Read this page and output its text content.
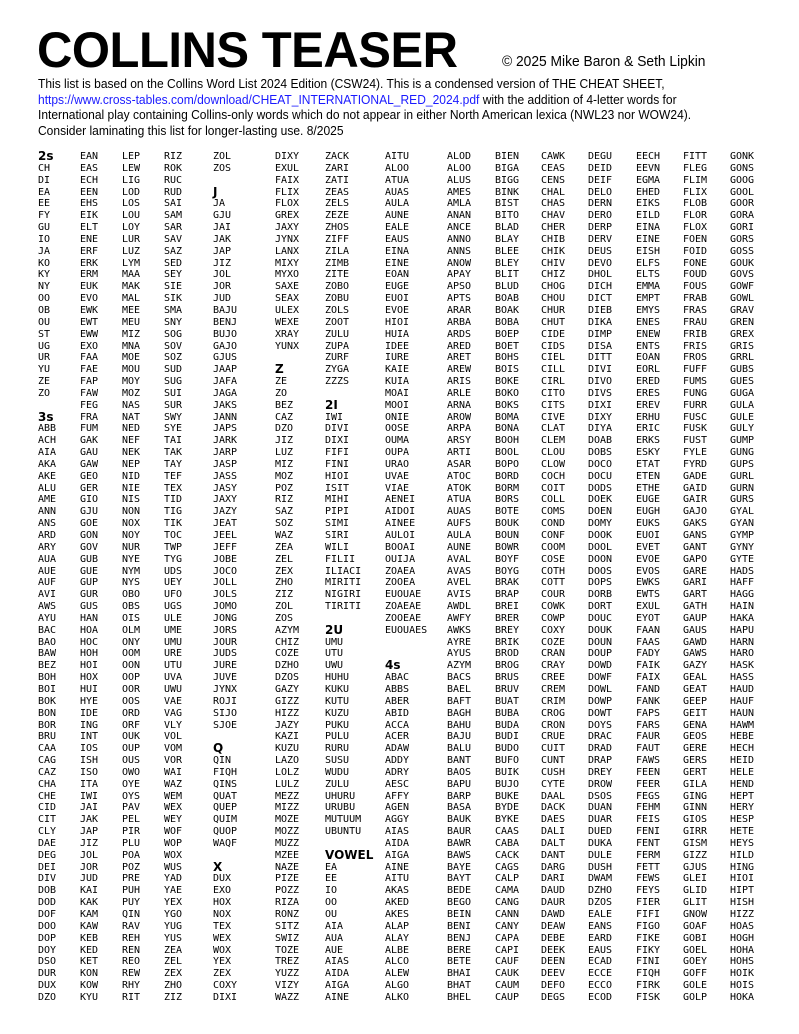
COLLINS TEASER	© 2025 Mike Baron & Seth Lipkin
This list is based on the Collins Word List 2024 Edition (CSW24). This is a condensed version of THE CHEAT SHEET,
https://www.cross-tables.com/download/CHEAT_INTERNATIONAL_RED_2024.pdf with the addition of 4-letter words for
International play containing Collins-only words which do not appear in either North American lexica (NWL23 nor WOW24).
Consider laminating this list for longer-lasting use. 8/2025
2s
CH
DI
EA
EE
FY
GU
IO
JA
KO
KY
NY
OO
OB
OU
ST
UG
UR
YU
ZE
ZO
3s
ABB
ACH
AIA
AKA
AKE
ALU
AME
ANN
ANS
ARD
ARY
AUA
AUE
AUF
AVI
AWS
AYU
BAC
BAO
BAW
BEZ
BOH
BOI
BOK
BON
BOR
BRU
CAA
CAG
CAZ
CHA
CHE
CID
CIT
CLY
DAE
DEG
DEI
DIV
DOB
DOD
DOF
DOO
DOP
DOY
DSO
DUR
DUX
DZO
EAN
EAS
ECH
EEN
EHS
EIK
ELT
ENE
ERF
ERK
ERM
EUK
EVO
EWK
EWT
EWW
EXO
FAA
FAE
FAP
FAW
FEG
FRA
FUM
GAK
GAU
GAW
GEO
GER
GIO
GJU
GOE
GON
GOV
GUB
GUE
GUP
GUR
GUS
HAN
HOA
HOC
HOH
HOI
HOX
HUI
HYE
IDE
ING
INT
IOS
ISH
ISO
ITA
IWI
JAI
JAK
JAP
JIZ
JOL
JOR
JUD
KAI
KAK
KAM
KAW
KEB
KED
KET
KON
KOW
KYU
LEP
LEW
LIG
LOD
LOS
LOU
LOY
LUR
LUZ
LYM
MAA
MAK
MAL
MEE
MEU
MIZ
MNA
MOE
MOU
MOY
MOZ
NAS
NAT
NED
NEF
NEK
NEP
NID
NIE
NIS
NON
NOX
NOY
NUR
NYE
NYM
NYS
OBO
OBS
OIS
OLM
ONY
OOM
OON
OOP
OOR
OOS
ORD
ORF
OUK
OUP
OUS
OWO
OYE
OYS
PAV
PEL
PIR
PLU
POA
POZ
PRE
PUH
PUY
QIN
RAV
REH
REN
REO
REW
RHY
RIT
RIZ
ROK
RUC
RUD
SAI
SAM
SAR
SAV
SAZ
SED
SEY
SIE
SIK
SMA
SNY
SOG
SOV
SOZ
SUD
SUG
SUI
SUR
SWY
SYE
TAI
TAK
TAY
TEF
TEX
TID
TIG
TIK
TOC
TWP
TYG
UDS
UEY
UFO
UGS
ULE
UME
UMU
URE
UTU
UVA
UWU
VAE
VAG
VLY
VOL
VOM
VOR
WAI
WAZ
WEM
WEX
WEY
WOF
WOP
WOX
WUS
YAD
YAE
YEX
YGO
YUG
YUS
ZEA
ZEL
ZEX
ZHO
ZIZ
ZOL
ZOS
J
JA
GJU
JAI
JAK
JAP
JIZ
JOL
JOR
JUD
BAJU
BENJ
BUJO
GAJO
GJUS
JAAP
JAFA
JAGA
JAKS
JANN
JAPS
JARK
JARP
JASP
JASS
JASY
JAXY
JAZY
JEAT
JEEL
JEFF
JOBE
JOCO
JOLL
JOLS
JOMO
JONG
JORS
JOUR
JUDS
JURE
JUVE
JYNX
ROJI
SIJO
SJOE
Q
QIN
FIQH
QINS
QUAT
QUEP
QUIM
QUOP
WAQF
X
DUX
EXO
HOX
NOX
TEX
WEX
WOX
YEX
ZEX
COXY
DIXI
DIXY
EXUL
FAIX
FLIX
FLOX
GREX
JAXY
JYNX
LANX
MIXY
MYXO
SAXE
SEAX
ULEX
WEXE
XRAY
YUNX
Z
ZE
ZO
BEZ
CAZ
DZO
JIZ
LUZ
MIZ
MOZ
POZ
RIZ
SAZ
SOZ
WAZ
ZEA
ZEL
ZEX
ZHO
ZIZ
ZOL
ZOS
AZYM
CHIZ
COZE
DZHO
DZOS
GAZY
GIZZ
HIZZ
JAZY
KAZI
KUZU
LAZO
LOLZ
LULZ
MEZZ
MIZZ
MOZE
MOZZ
MUZZ
MZEE
NAZE
PIZE
POZZ
RIZA
RONZ
SITZ
SWIZ
TOZE
TREZ
YUZZ
VIZY
WAZZ
ZACK
ZARI
ZATI
ZEAS
ZELS
ZEZE
ZHOS
ZIFF
ZILA
ZIMB
ZITE
ZOBO
ZOBU
ZOLS
ZOOT
ZULU
ZUPA
ZURF
ZYGA
ZZZS
2I
IWI
DIVI
DIXI
FIFI
FINI
HIOI
ISIT
MIHI
PIPI
SIMI
SIRI
WILI
FILII
ILIACI
MIRITI
NIGIRI
TIRITI
2U
UMU
UTU
UWU
HUHU
KUKU
KUTU
KUZU
PUKU
PULU
RURU
SUSU
WUDU
ZULU
UHURU
URUBU
MUTUUM
UBUNTU
VOWEL
EA
EE
IO
OO
OU
AIA
AUA
AUE
AIAS
AIDA
AIGA
AINE
AITU
ALOO
ATUA
AUAS
AULA
AUNE
EALE
EAUS
EINA
EINE
EOAN
EUGE
EUOI
EVOE
HIOI
HUIA
IDEE
IURE
KAIE
KUIA
MOAI
MOOI
ONIE
OOSE
OUMA
OUPA
URAO
UVAE
VIAE
AENEI
AIDOI
AINEE
AULOI
BOOAI
OUIJA
ZOAEA
ZOOEA
EUOUAE
ZOAEAE
ZOOEAE
EUOUAES
4s
ABAC
ABBS
ABER
ABID
ACCA
ACER
ADAW
ADDY
ADRY
AESC
AFFY
AGEN
AGGY
AIAS
AIDA
AIGA
AINE
AITU
AKAS
AKED
AKES
ALAP
ALAY
ALBE
ALCO
ALEW
ALGO
ALKO
ALOD
ALOO
ALUS
AMES
AMLA
ANAN
ANCE
ANNO
ANNS
ANOW
APAY
APSO
APTS
ARAR
ARBA
ARDS
ARED
ARET
AREW
ARIS
ARLE
ARNA
AROW
ARPA
ARSY
ARTI
ASAR
ATOC
ATOK
ATUA
AUAS
AUFS
AULA
AUNE
AVAL
AVAS
AVEL
AVIS
AWDL
AWFY
AWKS
AYRE
AYUS
AZYM
BACS
BAEL
BAFT
BAGH
BAHU
BAJU
BALU
BANT
BAOS
BAPU
BARP
BASA
BAUK
BAUR
BAWR
BAWS
BAYE
BAYT
BEDE
BEGO
BEIN
BENI
BENJ
BERE
BETE
BHAI
BHAT
BHEL
BIEN
BIGA
BIGG
BINK
BIST
BITO
BLAD
BLAY
BLEE
BLEY
BLIT
BLUD
BOAB
BOAK
BOBA
BOEP
BOET
BOHS
BOIS
BOKE
BOKO
BOKS
BOMA
BONA
BOOH
BOOL
BOPO
BORD
BORM
BORS
BOTE
BOUK
BOUN
BOWR
BOYF
BOYG
BRAK
BRAP
BREI
BRER
BREY
BRIK
BROD
BROG
BRUS
BRUV
BUAT
BUBA
BUDA
BUDI
BUDO
BUFO
BUIK
BUJO
BUKE
BYDE
BYKE
CAAS
CABA
CACK
CAGS
CALP
CAMA
CANG
CANN
CANY
CAPA
CAPI
CAUF
CAUK
CAUM
CAUP
CAWK
CEAS
CENS
CHAL
CHAS
CHAV
CHER
CHIB
CHIK
CHIV
CHIZ
CHOG
CHOU
CHUR
CHUT
CIDE
CIDS
CIEL
CILL
CIRL
CITO
CITS
CIVE
CLAT
CLEM
CLOU
CLOW
COCH
COIT
COLL
COMS
COND
CONF
COOM
COSE
COTH
COTT
COUR
COWK
COWP
COXY
COZE
CRAN
CRAY
CREE
CREM
CRIM
CROG
CRON
CRUE
CUIT
CUNT
CUSH
CYTE
DAAL
DACK
DAES
DALI
DALT
DANT
DARG
DARI
DAUD
DAUR
DAWD
DEAW
DEBE
DEEK
DEEN
DEEV
DEFO
DEGS
DEGU
DEID
DEIF
DELO
DERN
DERO
DERP
DERV
DEUS
DEVO
DHOL
DICH
DICT
DIEB
DIKA
DIMP
DISA
DITT
DIVI
DIVO
DIVS
DIXI
DIXY
DIYA
DOAB
DOBS
DOCO
DOCU
DODS
DOEK
DOEN
DOMY
DOOK
DOOL
DOON
DOOS
DOPS
DORB
DORT
DOUC
DOUK
DOUN
DOUP
DOWD
DOWF
DOWL
DOWP
DOWT
DOYS
DRAC
DRAD
DRAP
DREY
DROW
DSOS
DUAN
DUAR
DUED
DUKA
DULE
DUSH
DWAM
DZHO
DZOS
EALE
EANS
EARD
EAUS
ECAD
ECCE
ECCO
ECOD
EECH
EEVN
EGMA
EHED
EIKS
EILD
EINA
EINE
EISH
ELFS
ELTS
EMMA
EMPT
EMYS
ENES
ENEW
ENTS
EOAN
EORL
ERED
ERES
EREV
ERHU
ERIC
ERKS
ESKY
ETAT
ETEN
ETHE
EUGE
EUGH
EUKS
EUOI
EVET
EVOE
EVOS
EWKS
EWTS
EXUL
EYOT
FAAN
FAAS
FADY
FAIK
FAIX
FAND
FANK
FAPS
FARS
FAUR
FAUT
FAWS
FEEN
FEER
FEGS
FEHM
FEIS
FENI
FENT
FERM
FETT
FEWS
FEYS
FIER
FIFI
FIGO
FIKE
FIKY
FINI
FIQH
FIRK
FISK
FITT
FLEG
FLIM
FLIX
FLOB
FLOR
FLOX
FOEN
FOID
FONE
FOUD
FOUS
FRAB
FRAS
FRAU
FRIB
FRIS
FROS
FUFF
FUMS
FUNG
FURR
FUSC
FUSK
FUST
FYLE
FYRD
GADE
GAID
GAIR
GAJO
GAKS
GANS
GANT
GAPO
GARE
GARI
GART
GATH
GAUP
GAUS
GAWD
GAWS
GAZY
GEAL
GEAT
GEEP
GEIT
GENA
GEOS
GERE
GERS
GERT
GILA
GING
GINN
GIOS
GIRR
GISM
GIZZ
GJUS
GLEI
GLID
GLIT
GNOW
GOAF
GOBI
GOEL
GOEY
GOFF
GOLE
GOLP
GONK
GONS
GOOG
GOOL
GOOR
GORA
GORI
GORS
GOSS
GOUK
GOVS
GOWF
GOWL
GRAV
GREN
GREX
GRIS
GRRL
GUBS
GUES
GUGA
GULA
GULE
GULY
GUMP
GUNG
GUPS
GURL
GURN
GURS
GYAL
GYAN
GYMP
GYNY
GYTE
HADS
HAFF
HAGG
HAIN
HAKA
HAPU
HARN
HARO
HASK
HASS
HAUD
HAUF
HAUN
HAWM
HEBE
HECH
HEID
HELE
HEND
HEPT
HERY
HESP
HETE
HEYS
HILD
HING
HIOI
HIPT
HISH
HIZZ
HOAS
HOGH
HOHA
HOHS
HOIK
HOIS
HOKA
